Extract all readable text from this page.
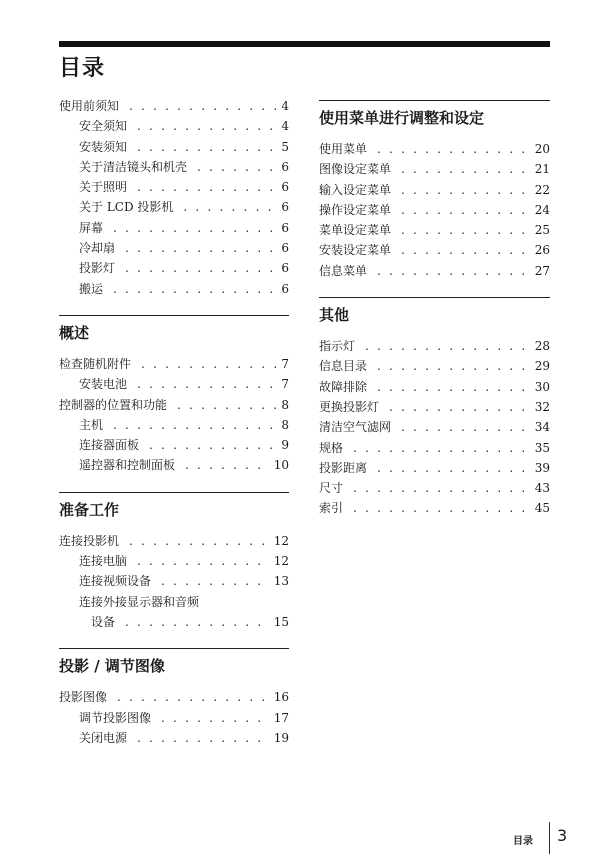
目录
使用前须知 . . .	4
安全须知 . . .	4
安装须知 . . .	5
关于清洁镜头和机壳 . . .	6
关于照明 . . .	6
关于 LCD 投影机 . . .	6
屏幕 . . .	6
冷却扇 . . .	6
投影灯 . . .	6
搬运 . . .	6
概述
检查随机附件 . . .	7
安装电池 . . .	7
控制器的位置和功能 . . .	8
主机 . . .	8
连接器面板 . . .	9
遥控器和控制面板 . . .	10
准备工作
连接投影机 . . .	12
连接电脑 . . .	12
连接视频设备 . . .	13
连接外接显示器和音频
设备 . . .	15
投影 / 调节图像
投影图像 . . .	16
调节投影图像 . . .	17
关闭电源 . . .	19
使用菜单进行调整和设定
使用菜单 . . .	20
图像设定菜单 . . .	21
输入设定菜单 . . .	22
操作设定菜单 . . .	24
菜单设定菜单 . . .	25
安装设定菜单 . . .	26
信息菜单 . . .	27
其他
指示灯 . . .	28
信息目录 . . .	29
故障排除 . . .	30
更换投影灯 . . .	32
清洁空气滤网 . . .	34
规格 . . .	35
投影距离 . . .	39
尺寸 . . .	43
索引 . . .	45
目录 3
